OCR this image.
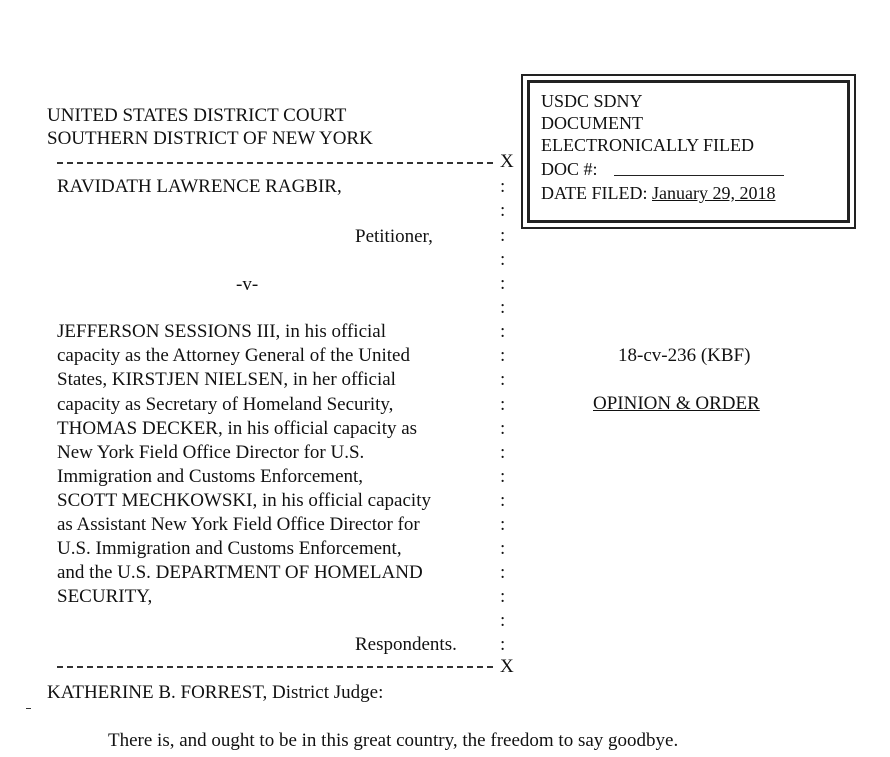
UNITED STATES DISTRICT COURT
SOUTHERN DISTRICT OF NEW YORK
USDC SDNY
DOCUMENT
ELECTRONICALLY FILED
DOC #:
DATE FILED: January 29, 2018
X
RAVIDATH LAWRENCE RAGBIR,
Petitioner,
-v-
JEFFERSON SESSIONS III, in his official
capacity as the Attorney General of the United
States, KIRSTJEN NIELSEN, in her official
capacity as Secretary of Homeland Security,
THOMAS DECKER, in his official capacity as
New York Field Office Director for U.S.
Immigration and Customs Enforcement,
SCOTT MECHKOWSKI, in his official capacity
as Assistant New York Field Office Director for
U.S. Immigration and Customs Enforcement,
and the U.S. DEPARTMENT OF HOMELAND
SECURITY,
Respondents.
:
:
:
:
:
:
:
:
:
:
:
:
:
:
:
:
:
:
:
:
18-cv-236 (KBF)
OPINION & ORDER
X
KATHERINE B. FORREST, District Judge:
There is, and ought to be in this great country, the freedom to say goodbye.
